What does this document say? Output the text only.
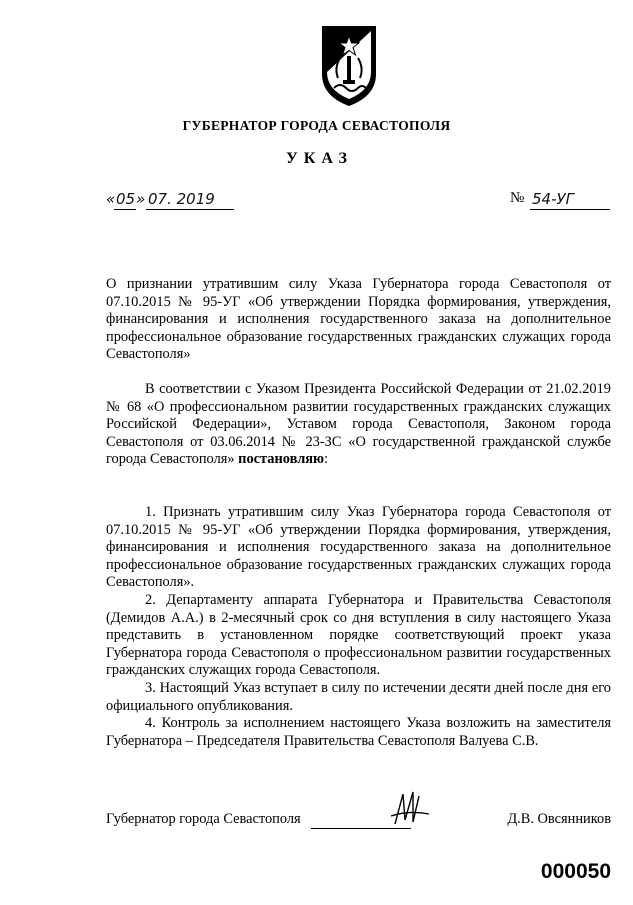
ГУБЕРНАТОР ГОРОДА СЕВАСТОПОЛЯ
УКАЗ
« 05 » 07. 2019	№ 54-УГ

О признании утратившим силу Указа Губернатора города Севастополя от 07.10.2015 № 95-УГ «Об утверждении Порядка формирования, утверждения, финансирования и исполнения государственного заказа на дополнительное профессиональное образование государственных гражданских служащих города Севастополя»

В соответствии с Указом Президента Российской Федерации от 21.02.2019 № 68 «О профессиональном развитии государственных гражданских служащих Российской Федерации», Уставом города Севастополя, Законом города Севастополя от 03.06.2014 № 23-ЗС «О государственной гражданской службе города Севастополя» постановляю:

1. Признать утратившим силу Указ Губернатора города Севастополя от 07.10.2015 № 95-УГ «Об утверждении Порядка формирования, утверждения, финансирования и исполнения государственного заказа на дополнительное профессиональное образование государственных гражданских служащих города Севастополя».

2. Департаменту аппарата Губернатора и Правительства Севастополя (Демидов А.А.) в 2-месячный срок со дня вступления в силу настоящего Указа представить в установленном порядке соответствующий проект указа Губернатора города Севастополя о профессиональном развитии государственных гражданских служащих города Севастополя.

3. Настоящий Указ вступает в силу по истечении десяти дней после дня его официального опубликования.

4. Контроль за исполнением настоящего Указа возложить на заместителя Губернатора – Председателя Правительства Севастополя Валуева С.В.

Губернатор города Севастополя	Д.В. Овсянников
000050
